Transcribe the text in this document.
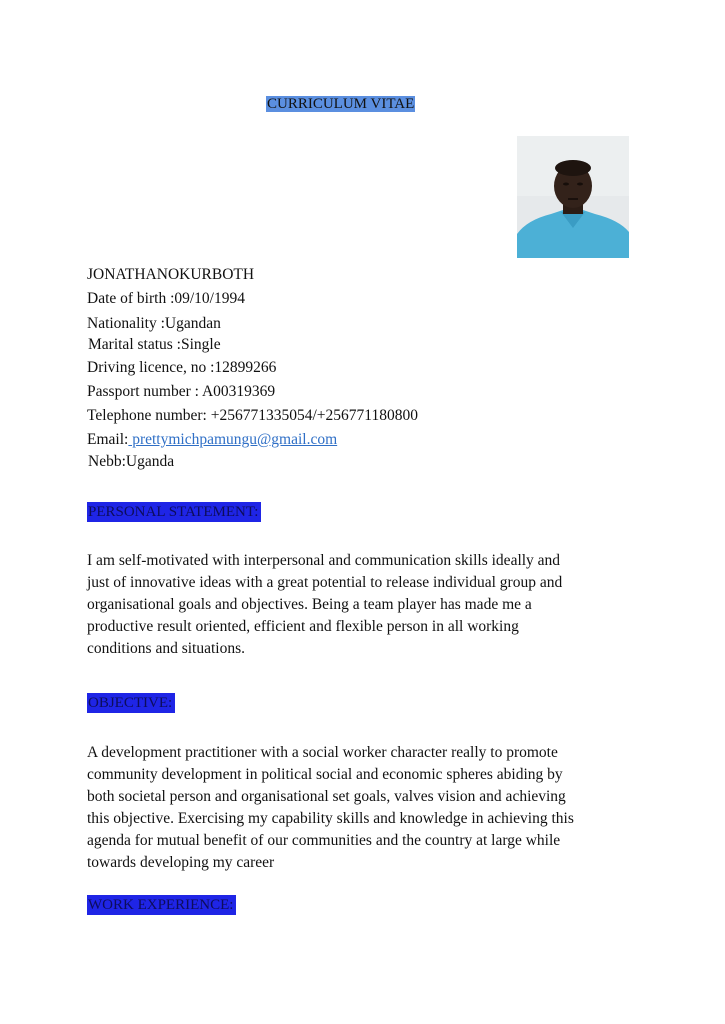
CURRICULUM VITAE
JONATHANOKURBOTH
Date of birth :09/10/1994
Nationality :Ugandan
Marital status :Single
Driving licence, no :12899266
Passport number : A00319369
Telephone number: +256771335054/+256771180800
Email: prettymichpamungu@gmail.com
Nebb:Uganda
PERSONAL STATEMENT:
I am self-motivated with interpersonal and communication skills ideally and
just of innovative ideas with a great potential to release individual group and
organisational goals and objectives. Being a team player has made me a
productive result oriented, efficient and flexible person in all working
conditions and situations.
OBJECTIVE:
A development practitioner with a social worker character really to promote
community development in political social and economic spheres abiding by
both societal person and organisational set goals, valves vision and achieving
this objective. Exercising my capability skills and knowledge in achieving this
agenda for mutual benefit of our communities and the country at large while
towards developing my career
WORK EXPERIENCE:
